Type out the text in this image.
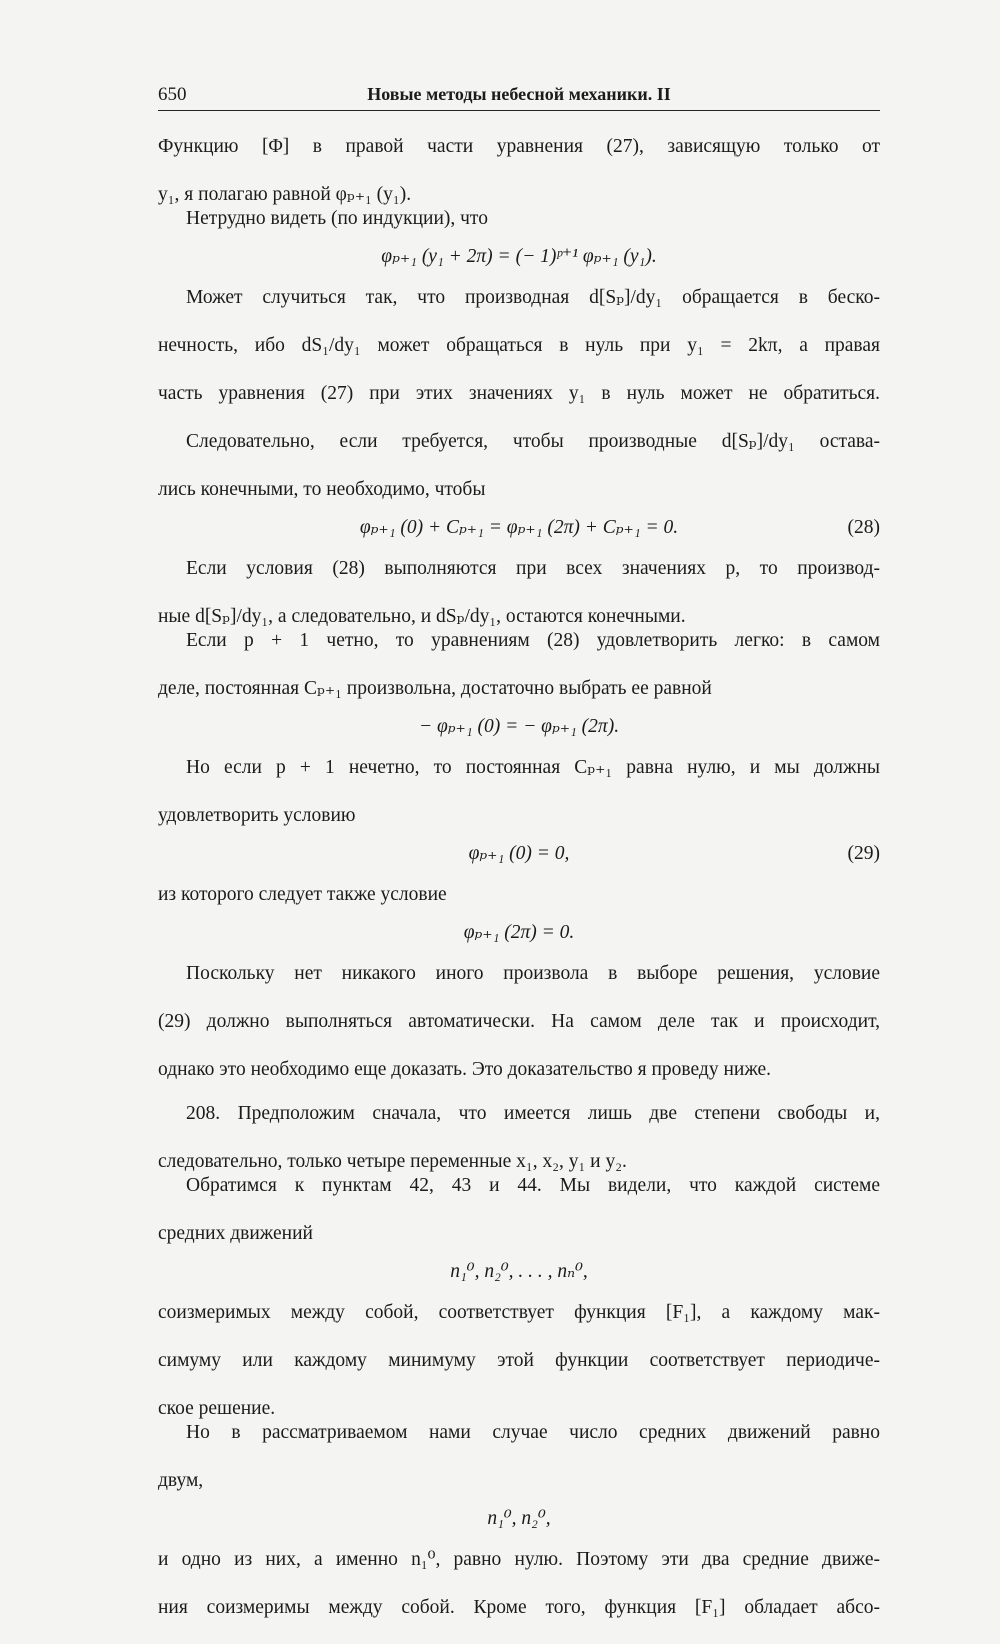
650	Новые методы небесной механики. II

Функцию [Φ] в правой части уравнения (27), зависящую только от
y₁, я полагаю равной φₚ₊₁ (y₁).

Нетрудно видеть (по индукции), что

φₚ₊₁ (y₁ + 2π) = (− 1)ᵖ⁺¹ φₚ₊₁ (y₁).

Может случиться так, что производная d[Sₚ]/dy₁ обращается в беско-
нечность, ибо dS₁/dy₁ может обращаться в нуль при y₁ = 2kπ, а правая
часть уравнения (27) при этих значениях y₁ в нуль может не обратиться.

Следовательно, если требуется, чтобы производные d[Sₚ]/dy₁ остава-
лись конечными, то необходимо, чтобы

φₚ₊₁ (0) + Cₚ₊₁ = φₚ₊₁ (2π) + Cₚ₊₁ = 0.	(28)

Если условия (28) выполняются при всех значениях p, то производ-
ные d[Sₚ]/dy₁, а следовательно, и dSₚ/dy₁, остаются конечными.

Если p + 1 четно, то уравнениям (28) удовлетворить легко: в самом
деле, постоянная Cₚ₊₁ произвольна, достаточно выбрать ее равной

− φₚ₊₁ (0) = − φₚ₊₁ (2π).

Но если p + 1 нечетно, то постоянная Cₚ₊₁ равна нулю, и мы должны
удовлетворить условию

φₚ₊₁ (0) = 0,	(29)

из которого следует также условие

φₚ₊₁ (2π) = 0.

Поскольку нет никакого иного произвола в выборе решения, условие
(29) должно выполняться автоматически. На самом деле так и происходит,
однако это необходимо еще доказать. Это доказательство я проведу ниже.

208. Предположим сначала, что имеется лишь две степени свободы и,
следовательно, только четыре переменные x₁, x₂, y₁ и y₂.

Обратимся к пунктам 42, 43 и 44. Мы видели, что каждой системе
средних движений

n₁⁰, n₂⁰, . . . , nₙ⁰,

соизмеримых между собой, соответствует функция [F₁], а каждому мак-
симуму или каждому минимуму этой функции соответствует периодиче-
ское решение.

Но в рассматриваемом нами случае число средних движений равно
двум,

n₁⁰, n₂⁰,

и одно из них, а именно n₁⁰, равно нулю. Поэтому эти два средние движе-
ния соизмеримы между собой. Кроме того, функция [F₁] обладает абсо-
